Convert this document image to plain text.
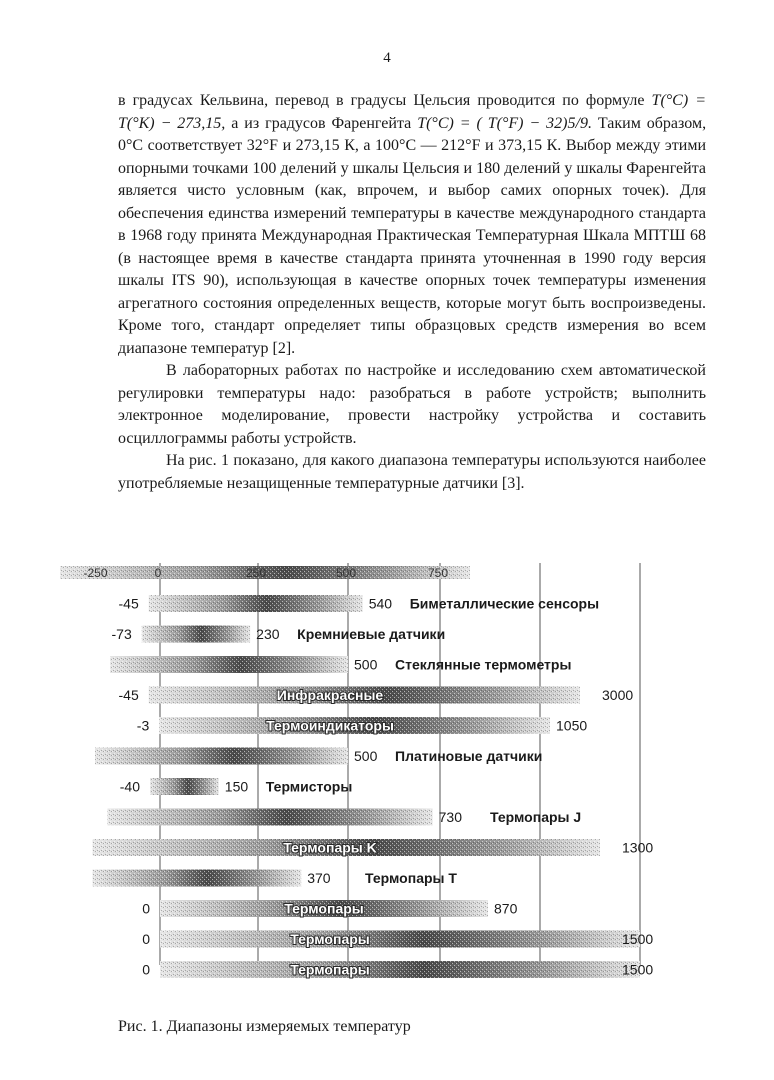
4

в градусах Кельвина, перевод в градусы Цельсия проводится по формуле T(°C) = T(°K) − 273,15, а из градусов Фаренгейта T(°C) = ( T(°F) − 32)5/9. Таким образом, 0°C соответствует 32°F и 273,15 К, а 100°C — 212°F и 373,15 К. Выбор между этими опорными точками 100 делений у шкалы Цельсия и 180 делений у шкалы Фаренгейта является чисто условным (как, впрочем, и выбор самих опорных точек). Для обеспечения единства измерений температуры в качестве международного стандарта в 1968 году принята Международная Практическая Температурная Шкала МПТШ 68 (в настоящее время в качестве стандарта принята уточненная в 1990 году версия шкалы ITS 90), использующая в качестве опорных точек температуры изменения агрегатного состояния определенных веществ, которые могут быть воспроизведены. Кроме того, стандарт определяет типы образцовых средств измерения во всем диапазоне температур [2].

В лабораторных работах по настройке и исследованию схем автоматической регулировки температуры надо: разобраться в работе устройств; выполнить электронное моделирование, провести настройку устройства и составить осциллограммы работы устройств.

На рис. 1 показано, для какого диапазона температуры используются наиболее употребляемые незащищенные температурные датчики [3].

-250	0	250	500	750
-45	540 Биметаллические сенсоры
-73	230 Кремниевые датчики
500 Стеклянные термометры
-45	3000
Инфракрасные
-3	1050
Термоиндикаторы
500 Платиновые датчики
-40	150 Термисторы
730 Термопары J
1300
Термопары K
370 Термопары T
0	870
Термопары
0	1500
Термопары
0	1500
Термопары
Рис. 1. Диапазоны измеряемых температур
